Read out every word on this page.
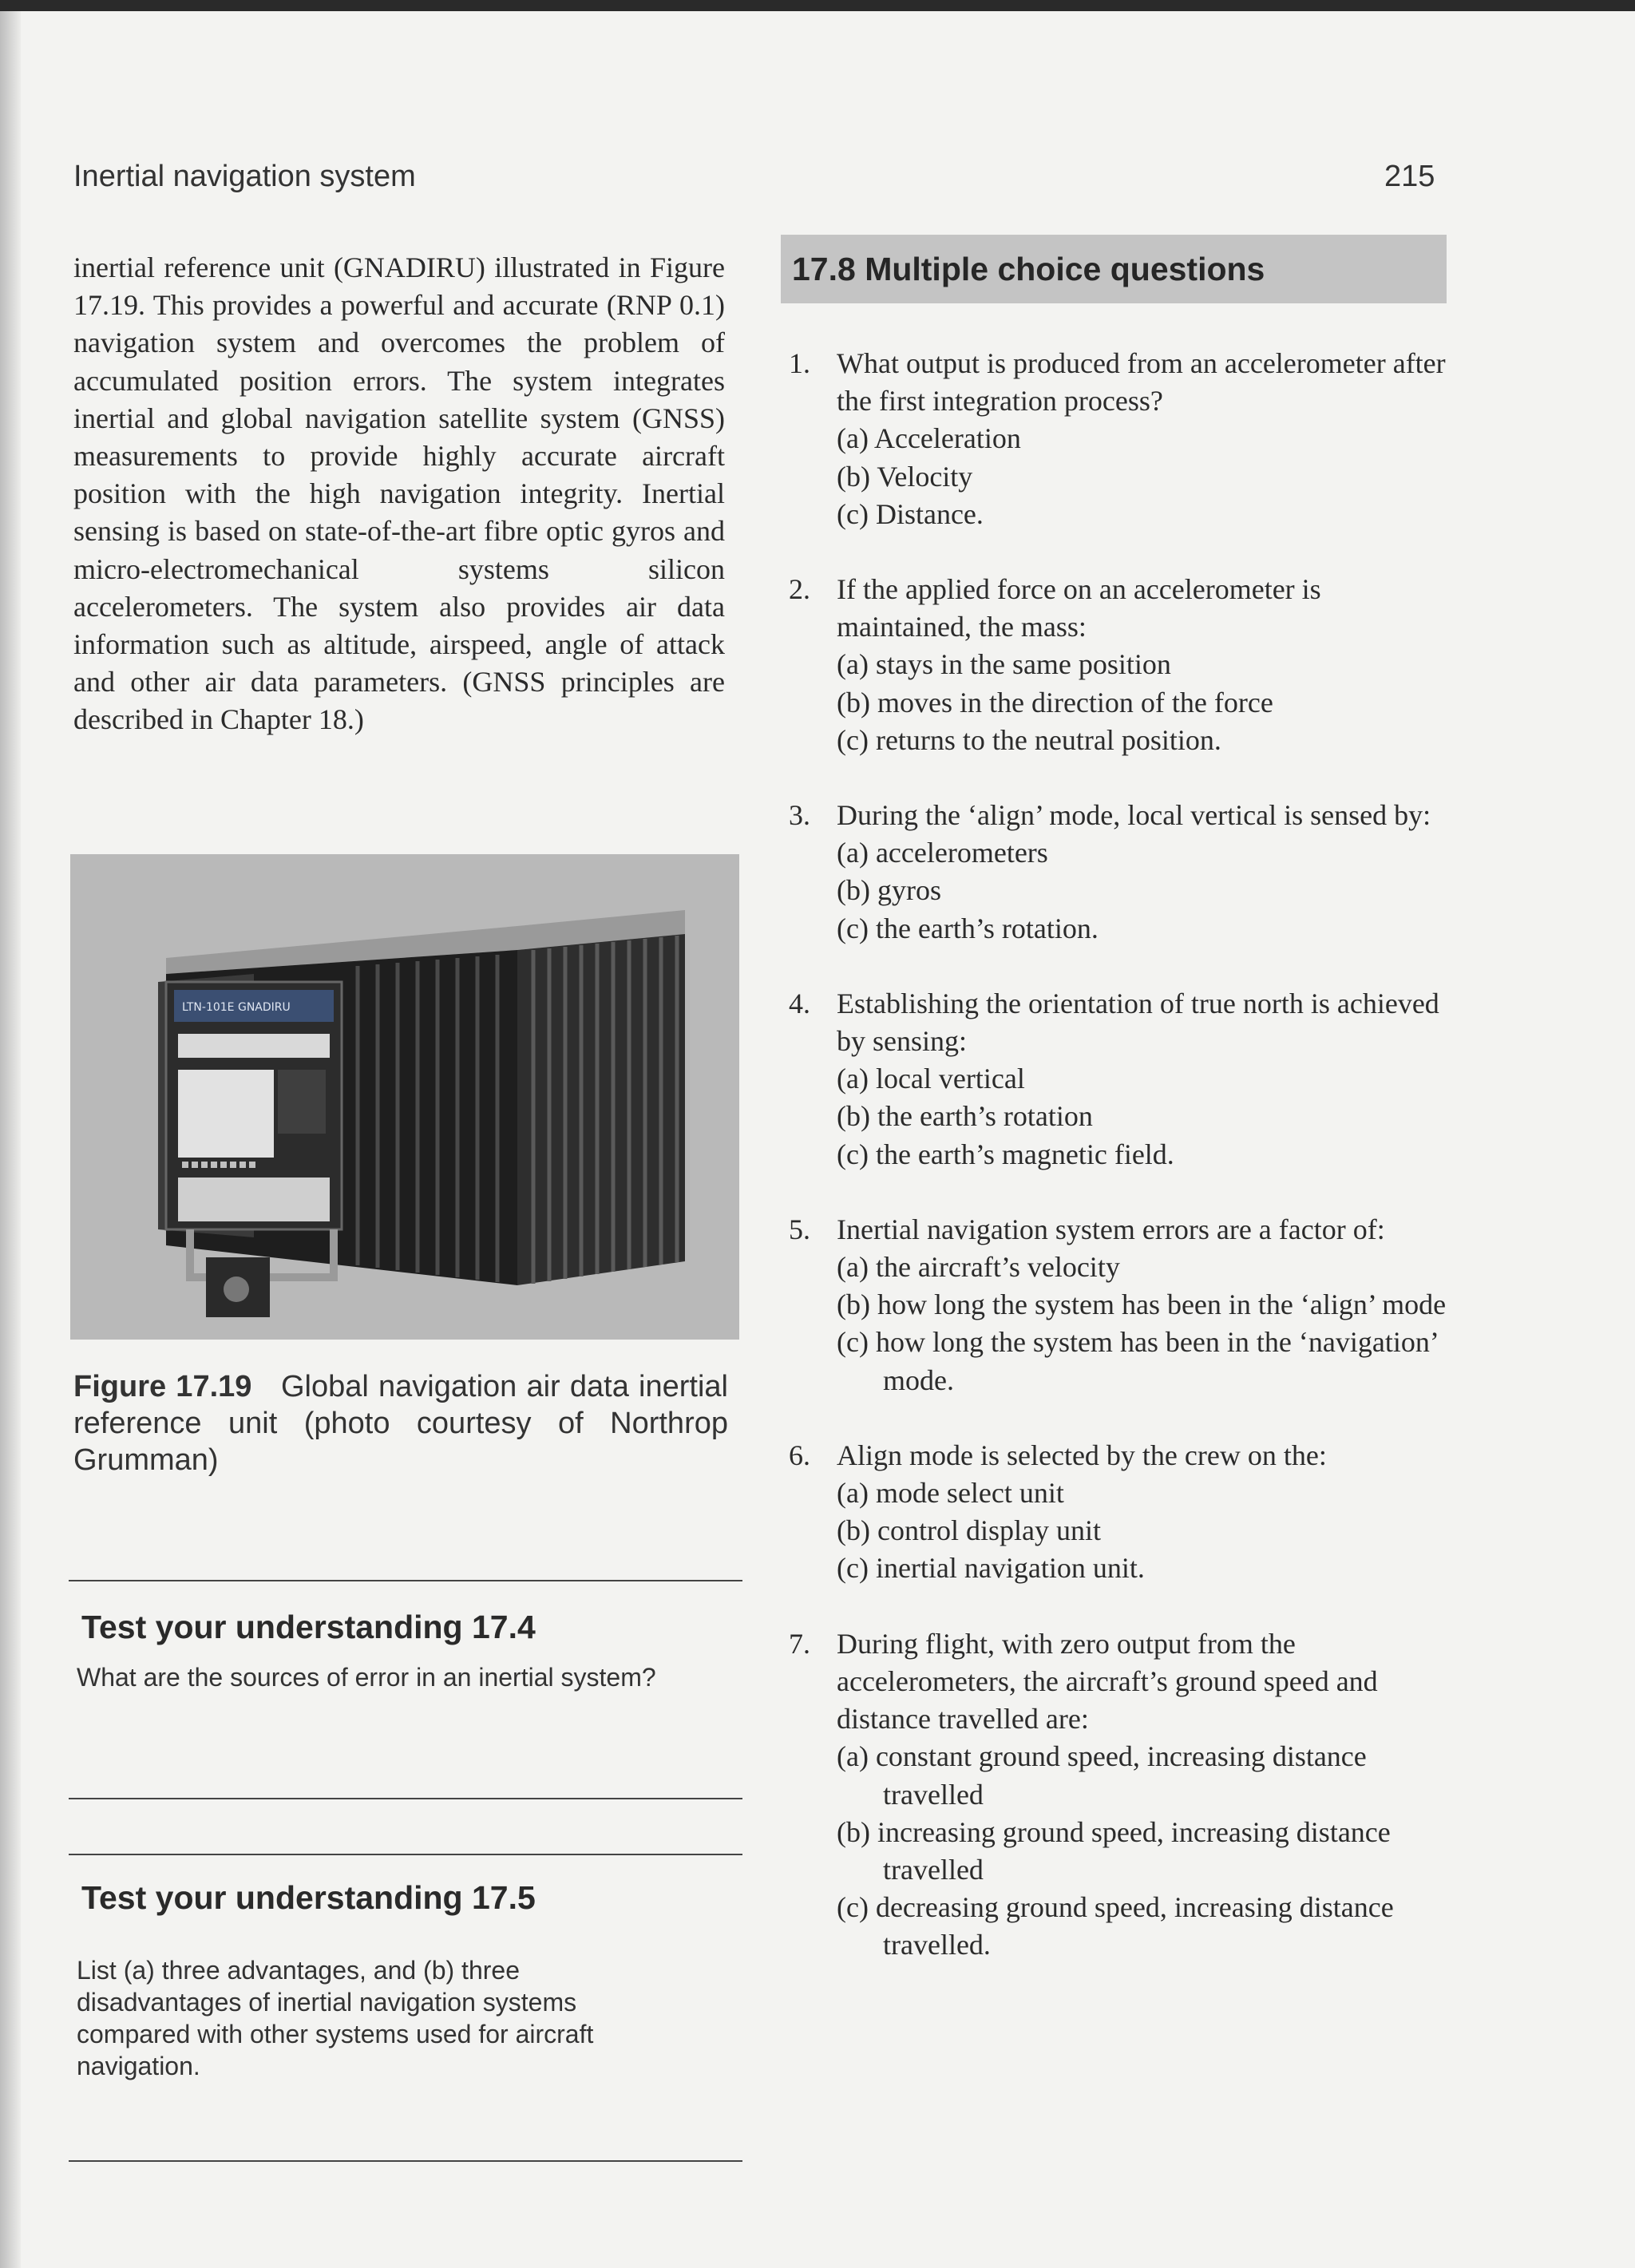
Inertial navigation system	215

inertial reference unit (GNADIRU) illustrated in Figure 17.19. This provides a powerful and accurate (RNP 0.1) navigation system and overcomes the problem of accumulated position errors. The system integrates inertial and global navigation satellite system (GNSS) measurements to provide highly accurate aircraft position with the high navigation integrity. Inertial sensing is based on state-of-the-art fibre optic gyros and micro-electromechanical systems silicon accelerometers. The system also provides air data information such as altitude, airspeed, angle of attack and other air data parameters. (GNSS principles are described in Chapter 18.)

LTN-101E GNADIRU

Figure 17.19 Global navigation air data inertial reference unit (photo courtesy of Northrop Grumman)

Test your understanding 17.4

What are the sources of error in an inertial system?

Test your understanding 17.5

List (a) three advantages, and (b) three disadvantages of inertial navigation systems compared with other systems used for aircraft navigation.

17.8 Multiple choice questions
1. What output is produced from an accelerometer after the first integration process?
(a) Acceleration
(b) Velocity
(c) Distance.
2. If the applied force on an accelerometer is maintained, the mass:
(a) stays in the same position
(b) moves in the direction of the force
(c) returns to the neutral position.
3. During the ‘align’ mode, local vertical is sensed by:
(a) accelerometers
(b) gyros
(c) the earth’s rotation.
4. Establishing the orientation of true north is achieved by sensing:
(a) local vertical
(b) the earth’s rotation
(c) the earth’s magnetic field.
5. Inertial navigation system errors are a factor of:
(a) the aircraft’s velocity
(b) how long the system has been in the ‘align’ mode
(c) how long the system has been in the ‘navigation’ mode.
6. Align mode is selected by the crew on the:
(a) mode select unit
(b) control display unit
(c) inertial navigation unit.
7. During flight, with zero output from the accelerometers, the aircraft’s ground speed and distance travelled are:
(a) constant ground speed, increasing distance travelled
(b) increasing ground speed, increasing distance travelled
(c) decreasing ground speed, increasing distance travelled.
